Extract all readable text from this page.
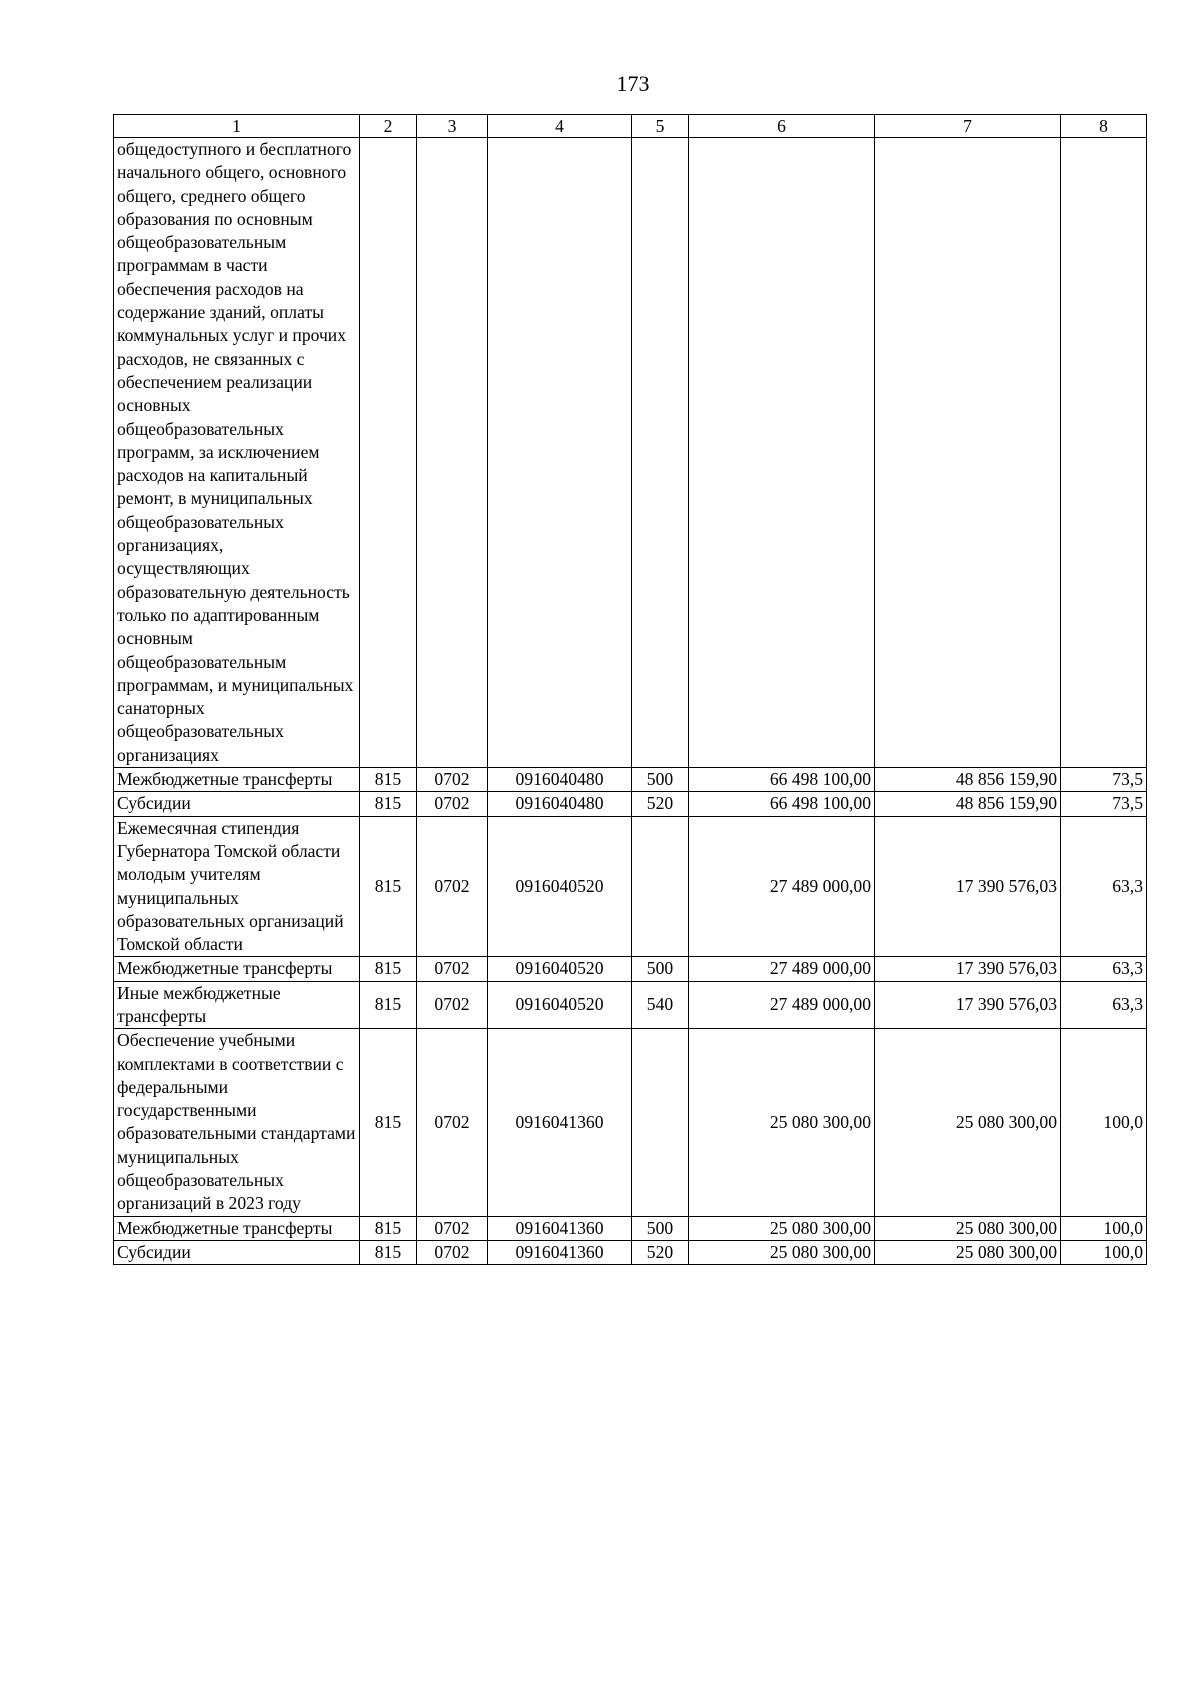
173
1	2	3	4	5	6	7	8
общедоступного и бесплатного начального общего, основного общего, среднего общего образования по основным общеобразовательным программам в части обеспечения расходов на содержание зданий, оплаты коммунальных услуг и прочих расходов, не связанных с обеспечением реализации основных общеобразовательных программ, за исключением расходов на капитальный ремонт, в муниципальных общеобразовательных организациях, осуществляющих образовательную деятельность только по адаптированным основным общеобразовательным программам, и муниципальных санаторных общеобразовательных организациях							
Межбюджетные трансферты	815	0702	0916040480	500	66 498 100,00	48 856 159,90	73,5
Субсидии	815	0702	0916040480	520	66 498 100,00	48 856 159,90	73,5
Ежемесячная стипендия Губернатора Томской области молодым учителям муниципальных образовательных организаций Томской области	815	0702	0916040520		27 489 000,00	17 390 576,03	63,3
Межбюджетные трансферты	815	0702	0916040520	500	27 489 000,00	17 390 576,03	63,3
Иные межбюджетные трансферты	815	0702	0916040520	540	27 489 000,00	17 390 576,03	63,3
Обеспечение учебными комплектами в соответствии с федеральными государственными образовательными стандартами муниципальных общеобразовательных организаций в 2023 году	815	0702	0916041360		25 080 300,00	25 080 300,00	100,0
Межбюджетные трансферты	815	0702	0916041360	500	25 080 300,00	25 080 300,00	100,0
Субсидии	815	0702	0916041360	520	25 080 300,00	25 080 300,00	100,0
